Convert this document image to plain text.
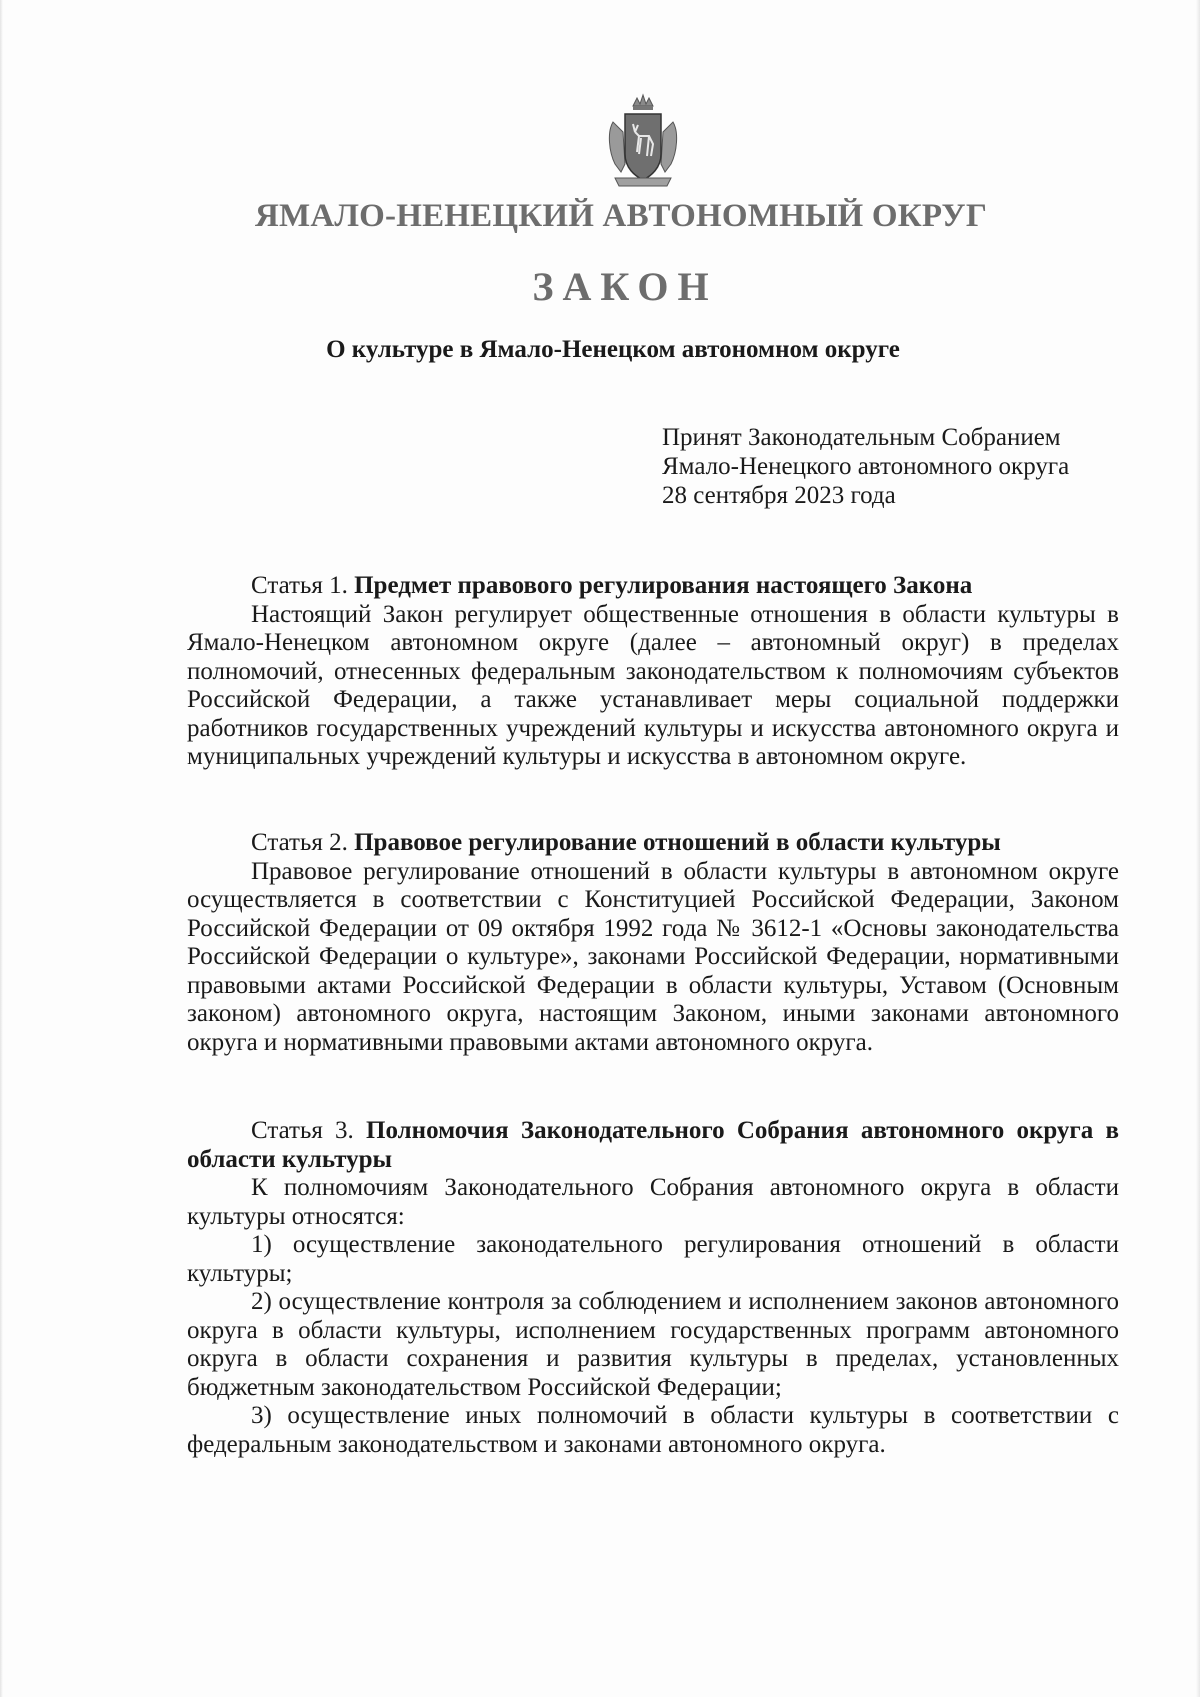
ЯМАЛО-НЕНЕЦКИЙ АВТОНОМНЫЙ ОКРУГ
ЗАКОН
О культуре в Ямало-Ненецком автономном округе
Принят Законодательным Собранием
Ямало-Ненецкого автономного округа
28 сентября 2023 года

Статья 1. Предмет правового регулирования настоящего Закона

Настоящий Закон регулирует общественные отношения в области культуры в Ямало-Ненецком автономном округе (далее – автономный округ) в пределах полномочий, отнесенных федеральным законодательством к полномочиям субъектов Российской Федерации, а также устанавливает меры социальной поддержки работников государственных учреждений культуры и искусства автономного округа и муниципальных учреждений культуры и искусства в автономном округе.

Статья 2. Правовое регулирование отношений в области культуры

Правовое регулирование отношений в области культуры в автономном округе осуществляется в соответствии с Конституцией Российской Федерации, Законом Российской Федерации от 09 октября 1992 года № 3612-1 «Основы законодательства Российской Федерации о культуре», законами Российской Федерации, нормативными правовыми актами Российской Федерации в области культуры, Уставом (Основным законом) автономного округа, настоящим Законом, иными законами автономного округа и нормативными правовыми актами автономного округа.

Статья 3. Полномочия Законодательного Собрания автономного округа в области культуры

К полномочиям Законодательного Собрания автономного округа в области культуры относятся:

1) осуществление законодательного регулирования отношений в области культуры;

2) осуществление контроля за соблюдением и исполнением законов автономного округа в области культуры, исполнением государственных программ автономного округа в области сохранения и развития культуры в пределах, установленных бюджетным законодательством Российской Федерации;

3) осуществление иных полномочий в области культуры в соответствии с федеральным законодательством и законами автономного округа.
